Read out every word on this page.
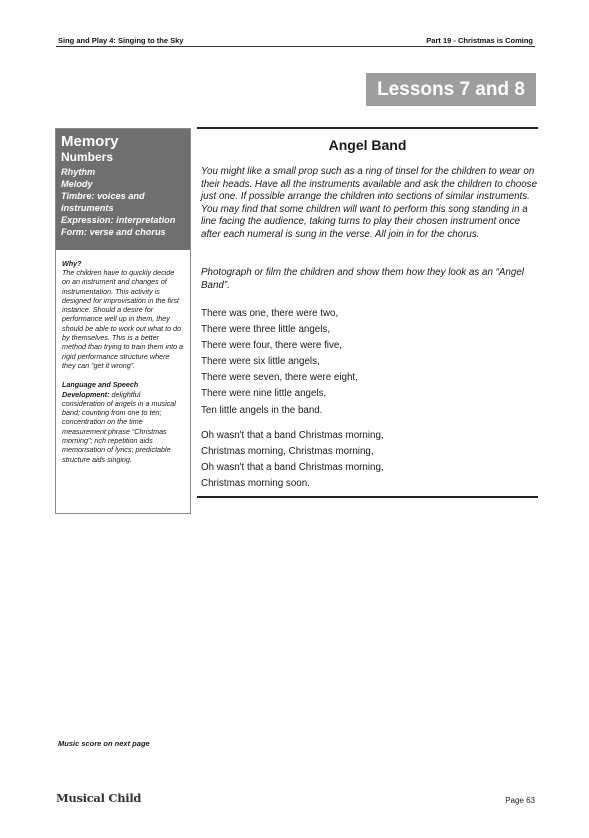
Sing and Play 4: Singing to the Sky	Part 19 - Christmas is Coming
Lessons 7 and 8
Memory
Numbers
Rhythm
Melody
Timbre: voices and instruments
Expression: interpretation
Form: verse and chorus
Why?

The children have to quickly decide on an instrument and changes of instrumentation. This activity is designed for improvisation in the first instance. Should a desire for performance well up in them, they should be able to work out what to do by themselves. This is a better method than trying to train them into a rigid performance structure where they can “get it wrong”.

Language and Speech Development: delightful consideration of angels in a musical band; counting from one to ten; concentration on the time measurement phrase “Christmas morning”; rich repetition aids memorisation of lyrics; predictable structure aids singing.

Angel Band

You might like a small prop such as a ring of tinsel for the children to wear on their heads. Have all the instruments available and ask the children to choose just one. If possible arrange the children into sections of similar instruments. You may find that some children will want to perform this song standing in a line facing the audience, taking turns to play their chosen instrument once after each numeral is sung in the verse. All join in for the chorus.

Photograph or film the children and show them how they look as an “Angel Band”.

There was one, there were two,
There were three little angels,
There were four, there were five,
There were six little angels,
There were seven, there were eight,
There were nine little angels,
Ten little angels in the band.
Oh wasn't that a band Christmas morning,
Christmas morning, Christmas morning,
Oh wasn't that a band Christmas morning,
Christmas morning soon.
Music score on next page
Musical Child	Page 63
